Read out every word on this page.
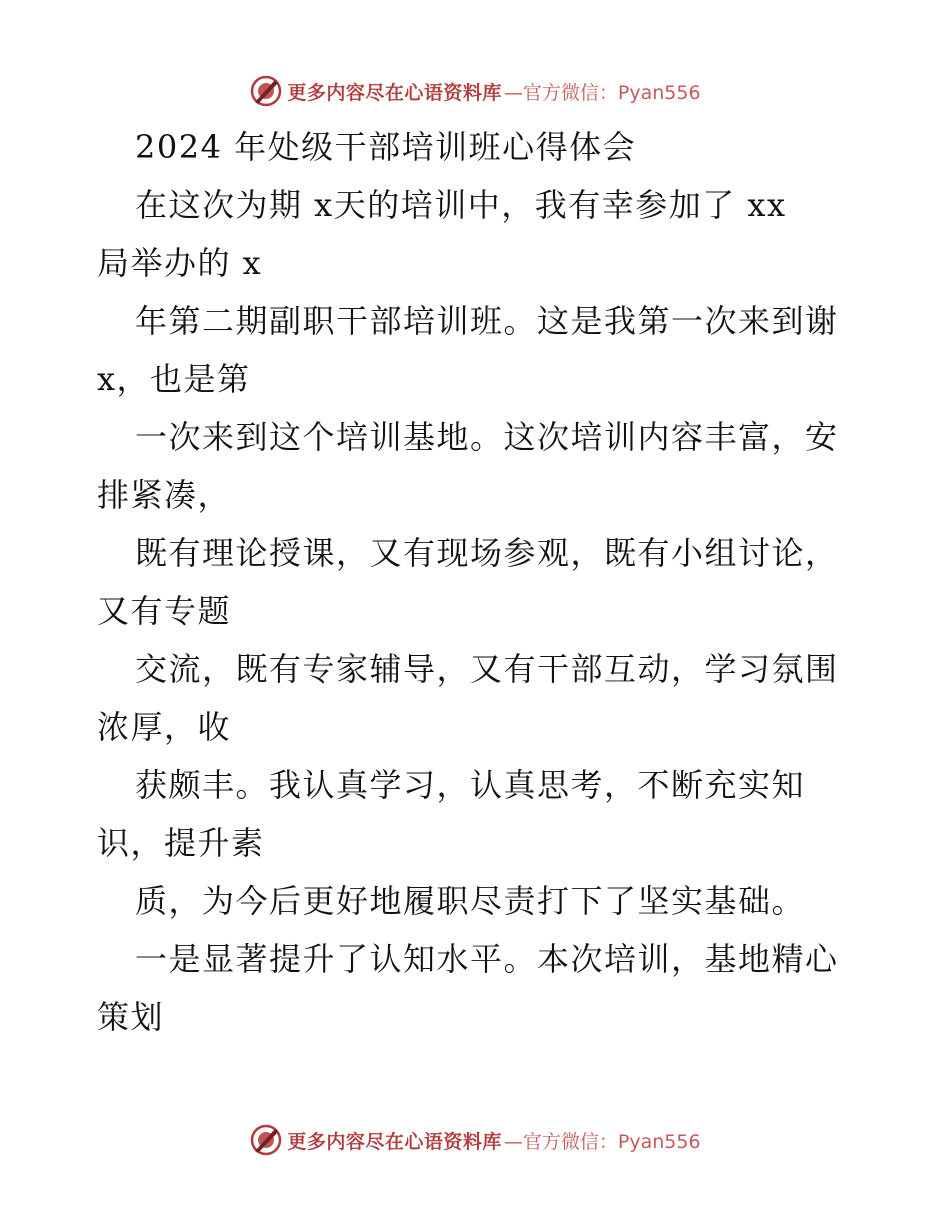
更多内容尽在心语资料库 —官方微信：Pyan556
2024 年处级干部培训班心得体会
在这次为期 x天的培训中，我有幸参加了 xx
局举办的 x
年第二期副职干部培训班。这是我第一次来到谢
x，也是第
一次来到这个培训基地。这次培训内容丰富，安
排紧凑，
既有理论授课，又有现场参观，既有小组讨论，
又有专题
交流，既有专家辅导，又有干部互动，学习氛围
浓厚，收
获颇丰。我认真学习，认真思考，不断充实知
识，提升素
质，为今后更好地履职尽责打下了坚实基础。
一是显著提升了认知水平。本次培训，基地精心
策划
更多内容尽在心语资料库 —官方微信：Pyan556
